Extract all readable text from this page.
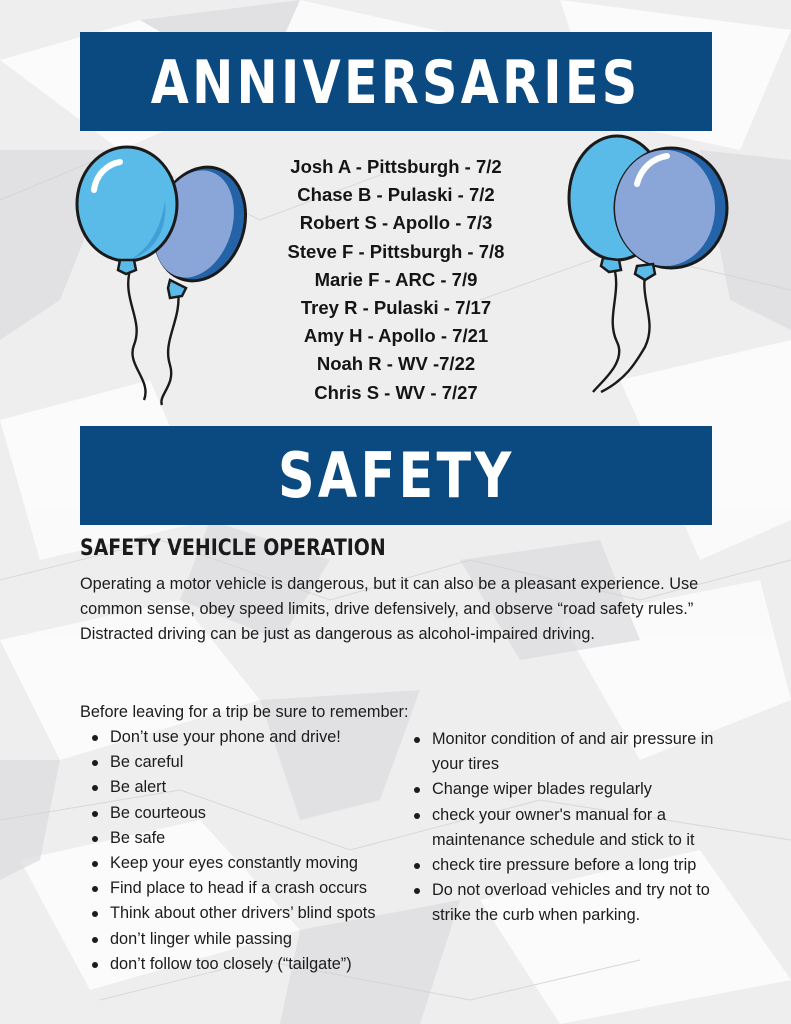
ANNIVERSARIES
Josh A - Pittsburgh - 7/2
Chase B - Pulaski - 7/2
Robert S - Apollo - 7/3
Steve F - Pittsburgh - 7/8
Marie F - ARC - 7/9
Trey R - Pulaski - 7/17
Amy H - Apollo - 7/21
Noah R - WV -7/22
Chris S - WV - 7/27
SAFETY
SAFETY VEHICLE OPERATION

Operating a motor vehicle is dangerous, but it can also be a pleasant experience. Use common sense, obey speed limits, drive defensively, and observe “road safety rules.” Distracted driving can be just as dangerous as alcohol-impaired driving.

Before leaving for a trip be sure to remember:

Don’t use your phone and drive!
Be careful
Be alert
Be courteous
Be safe
Keep your eyes constantly moving
Find place to head if a crash occurs
Think about other drivers’ blind spots
don’t linger while passing
don’t follow too closely (“tailgate”)
Monitor condition of and air pressure in your tires
Change wiper blades regularly
check your owner's manual for a maintenance schedule and stick to it
check tire pressure before a long trip
Do not overload vehicles and try not to strike the curb when parking.
